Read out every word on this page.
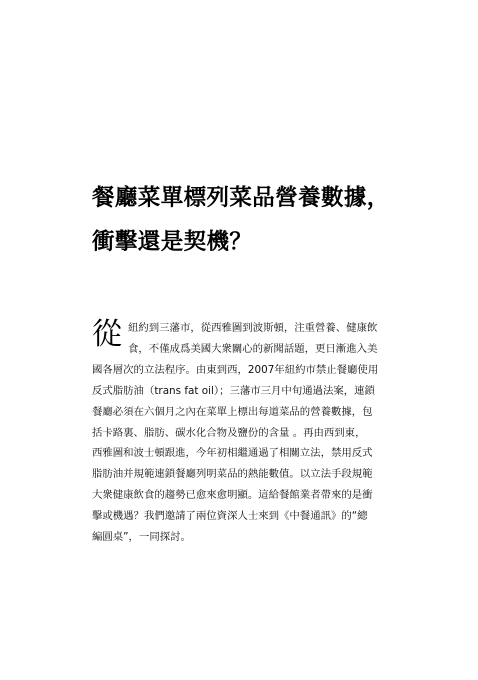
餐廳菜單標列菜品營養數據，
衝擊還是契機？
從 紐約到三藩市，從西雅圖到波斯頓，注重營養、健康飲
食，不僅成爲美國大衆關心的新聞話題，更日漸進入美
國各層次的立法程序。由東到西，2007年紐約市禁止餐廳使用
反式脂肪油（trans fat oil）；三藩市三月中旬通過法案，連鎖
餐廳必須在六個月之內在菜單上標出每道菜品的營養數據，包
括卡路裏、脂肪、碳水化合物及鹽份的含量 。再由西到東，
西雅圖和波士頓跟進，今年初相繼通過了相關立法，禁用反式
脂肪油并規範連鎖餐廳列明菜品的熱能數值。以立法手段規範
大衆健康飲食的趨勢已愈來愈明顯。這給餐館業者帶來的是衝
擊或機遇？我們邀請了兩位資深人士來到《中餐通訊》的“總
編圓桌”，一同探討。
